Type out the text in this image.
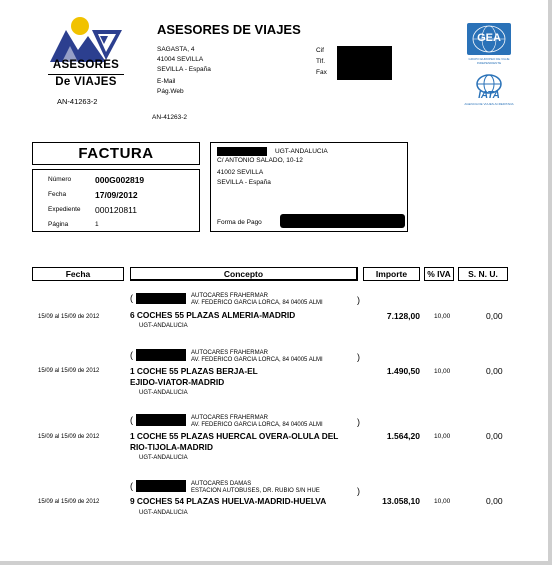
ASESORES
De VIAJES
AN-41263-2
ASESORES DE VIAJES
SAGASTA, 4
41004 SEVILLA
SEVILLA - España
E-Mail
Pág.Web
AN-41263-2
Cif
Tlf.
Fax
GEA
GRUPO EUROPEO DE VIAJE INDEPENDIENTE
IATA
AGENCIA DE VIAJES ACREDITADA
FACTURA
Número	000G002819
Fecha	17/09/2012
Expediente 000120811
Página	1
UGT-ANDALUCIA
C/ ANTONIO SALADO, 10-12
41002 SEVILLA
SEVILLA - España
Forma de Pago
Fecha	Concepto	Importe	% IVA	S. N. U.
(	AUTOCARES FRAHERMAR
AV. FEDERICO GARCIA LORCA, 84 04005 ALMI	)
15/09 al 15/09 de 2012	6 COCHES 55 PLAZAS ALMERIA-MADRID
UGT-ANDALUCIA
7.128,00 10,00	0,00
(	AUTOCARES FRAHERMAR
AV. FEDERICO GARCIA LORCA, 84 04005 ALMI	)
15/09 al 15/09 de 2012	1 COCHE 55 PLAZAS BERJA-EL
EJIDO-VIATOR-MADRID
UGT-ANDALUCIA
1.490,50 10,00	0,00
(	AUTOCARES FRAHERMAR
AV. FEDERICO GARCIA LORCA, 84 04005 ALMI	)
15/09 al 15/09 de 2012	1 COCHE 55 PLAZAS HUERCAL OVERA-OLULA DEL
RIO-TIJOLA-MADRID
UGT-ANDALUCIA
1.564,20 10,00	0,00
(	AUTOCARES DAMAS
ESTACION AUTOBUSES, DR. RUBIO S/N HUE	)
15/09 al 15/09 de 2012	9 COCHES 54 PLAZAS HUELVA-MADRID-HUELVA
UGT-ANDALUCIA
13.058,10 10,00	0,00
